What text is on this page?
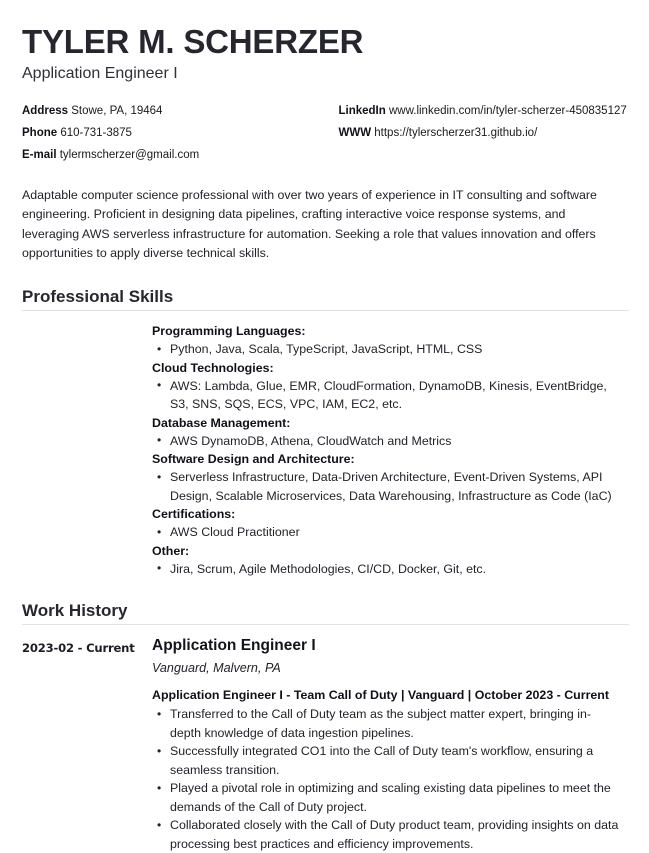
TYLER M. SCHERZER
Application Engineer I
Address Stowe, PA, 19464
Phone 610-731-3875
E-mail tylermscherzer@gmail.com
LinkedIn www.linkedin.com/in/tyler-scherzer-450835127
WWW https://tylerscherzer31.github.io/

Adaptable computer science professional with over two years of experience in IT consulting and software engineering. Proficient in designing data pipelines, crafting interactive voice response systems, and leveraging AWS serverless infrastructure for automation. Seeking a role that values innovation and offers opportunities to apply diverse technical skills.

Professional Skills
Programming Languages:
• Python, Java, Scala, TypeScript, JavaScript, HTML, CSS
Cloud Technologies:
• AWS: Lambda, Glue, EMR, CloudFormation, DynamoDB, Kinesis, EventBridge, S3, SNS, SQS, ECS, VPC, IAM, EC2, etc.
Database Management:
• AWS DynamoDB, Athena, CloudWatch and Metrics
Software Design and Architecture:
• Serverless Infrastructure, Data-Driven Architecture, Event-Driven Systems, API Design, Scalable Microservices, Data Warehousing, Infrastructure as Code (IaC)
Certifications:
• AWS Cloud Practitioner
Other:
• Jira, Scrum, Agile Methodologies, CI/CD, Docker, Git, etc.
Work History
2023-02 - Current	Application Engineer I
Vanguard, Malvern, PA
Application Engineer I - Team Call of Duty | Vanguard | October 2023 - Current
• Transferred to the Call of Duty team as the subject matter expert, bringing in-depth knowledge of data ingestion pipelines.
• Successfully integrated CO1 into the Call of Duty team's workflow, ensuring a seamless transition.
• Played a pivotal role in optimizing and scaling existing data pipelines to meet the demands of the Call of Duty project.
• Collaborated closely with the Call of Duty product team, providing insights on data processing best practices and efficiency improvements.
